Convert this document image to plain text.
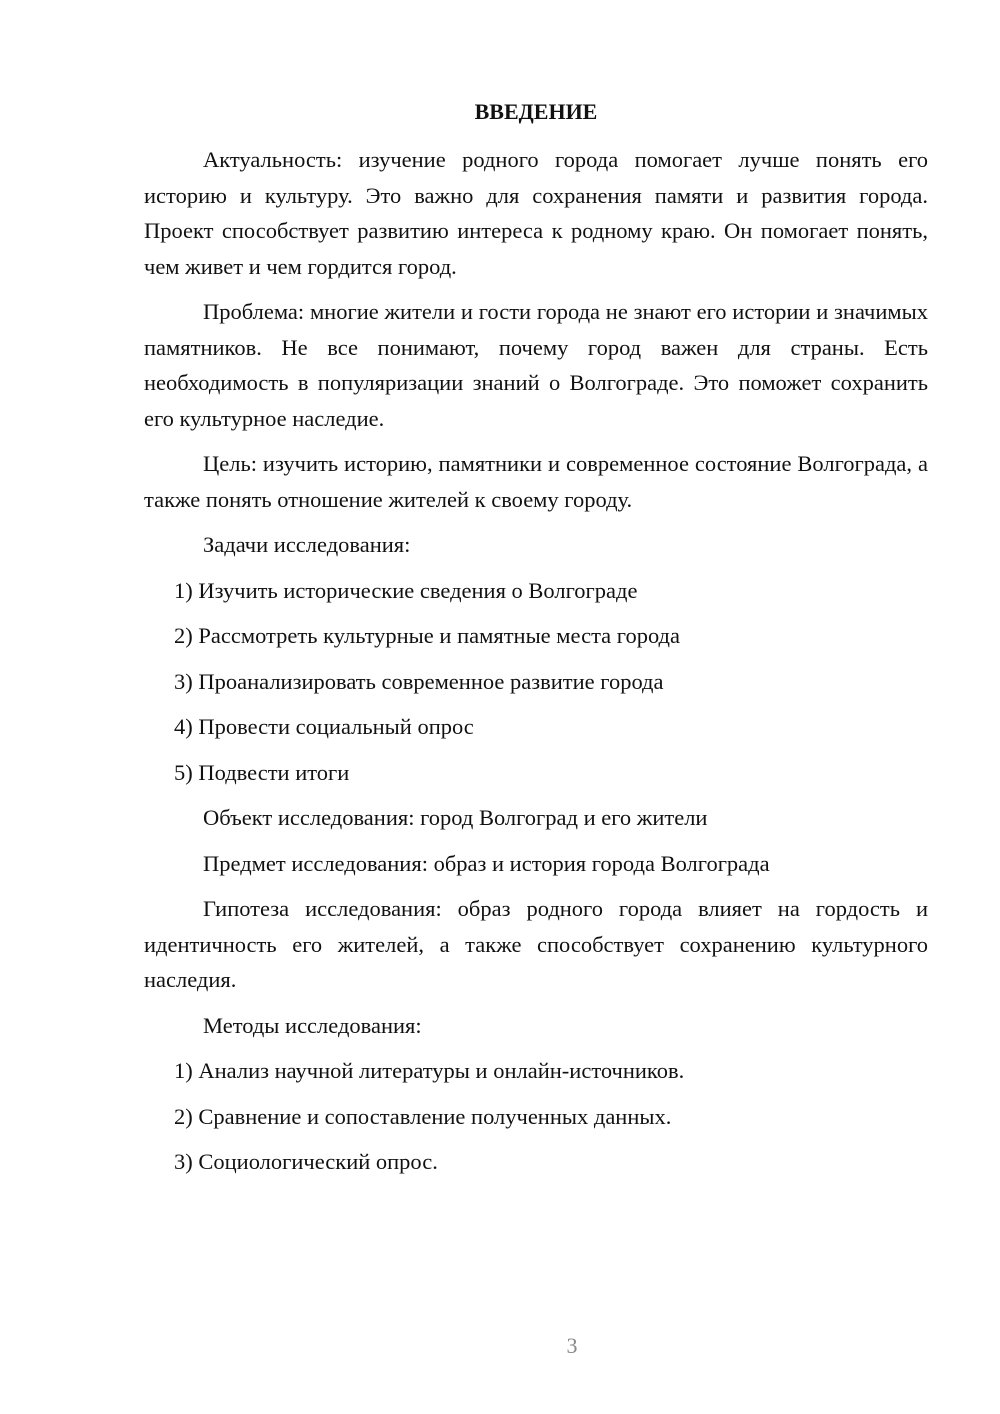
ВВЕДЕНИЕ

Актуальность: изучение родного города помогает лучше понять его историю и культуру. Это важно для сохранения памяти и развития города. Проект способствует развитию интереса к родному краю. Он помогает понять, чем живет и чем гордится город.

Проблема: многие жители и гости города не знают его истории и значимых памятников. Не все понимают, почему город важен для страны. Есть необходимость в популяризации знаний о Волгограде. Это поможет сохранить его культурное наследие.

Цель: изучить историю, памятники и современное состояние Волгограда, а также понять отношение жителей к своему городу.

Задачи исследования:

1) Изучить исторические сведения о Волгограде

2) Рассмотреть культурные и памятные места города

3) Проанализировать современное развитие города

4) Провести социальный опрос

5) Подвести итоги

Объект исследования: город Волгоград и его жители

Предмет исследования: образ и история города Волгограда

Гипотеза исследования: образ родного города влияет на гордость и идентичность его жителей, а также способствует сохранению культурного наследия.

Методы исследования:

1) Анализ научной литературы и онлайн-источников.

2) Сравнение и сопоставление полученных данных.

3) Социологический опрос.

3
